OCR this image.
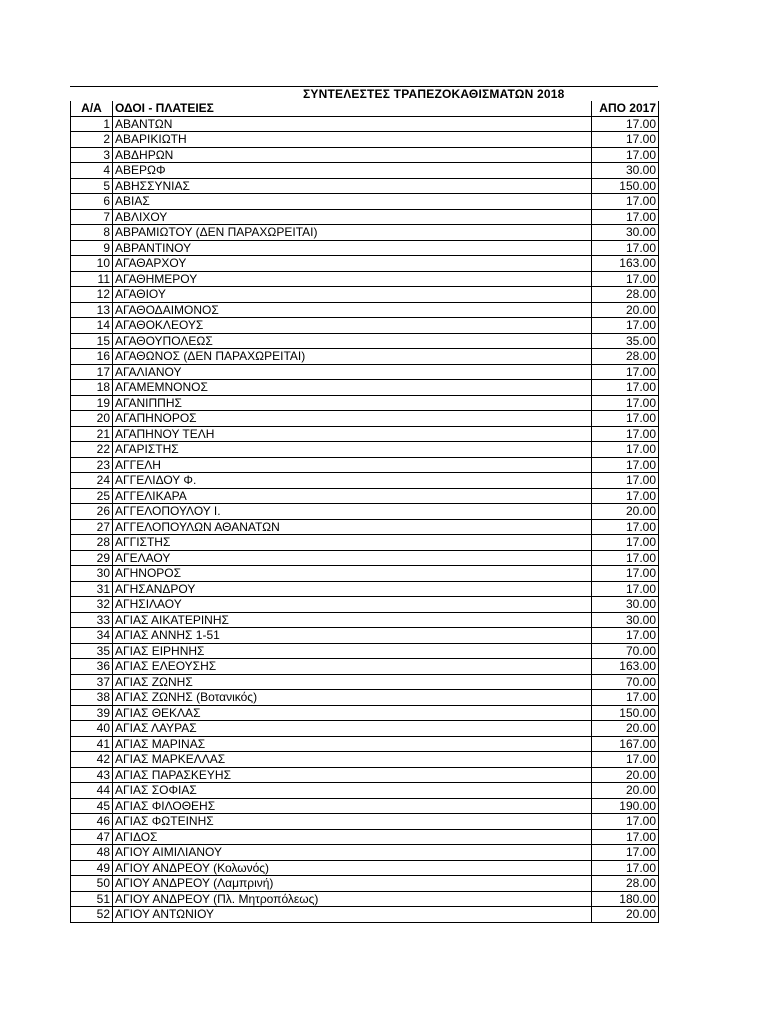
ΣΥΝΤΕΛΕΣΤΕΣ ΤΡΑΠΕΖΟΚΑΘΙΣΜΑΤΩΝ 2018
Α/Α	ΟΔΟΙ - ΠΛΑΤΕΙΕΣ	ΑΠΟ 2017
1	ΑΒΑΝΤΩΝ	17.00
2	ΑΒΑΡΙΚΙΩΤΗ	17.00
3	ΑΒΔΗΡΩΝ	17.00
4	ΑΒΕΡΩΦ	30.00
5	ΑΒΗΣΣΥΝΙΑΣ	150.00
6	ΑΒΙΑΣ	17.00
7	ΑΒΛΙΧΟΥ	17.00
8	ΑΒΡΑΜΙΩΤΟΥ (ΔΕΝ ΠΑΡΑΧΩΡΕΙΤΑΙ)	30.00
9	ΑΒΡΑΝΤΙΝΟΥ	17.00
10	ΑΓΑΘΑΡΧΟΥ	163.00
11	ΑΓΑΘΗΜΕΡΟΥ	17.00
12	ΑΓΑΘΙΟΥ	28.00
13	ΑΓΑΘΟΔΑΙΜΟΝΟΣ	20.00
14	ΑΓΑΘΟΚΛΕΟΥΣ	17.00
15	ΑΓΑΘΟΥΠΟΛΕΩΣ	35.00
16	ΑΓΑΘΩΝΟΣ (ΔΕΝ ΠΑΡΑΧΩΡΕΙΤΑΙ)	28.00
17	ΑΓΑΛΙΑΝΟΥ	17.00
18	ΑΓΑΜΕΜΝΟΝΟΣ	17.00
19	ΑΓΑΝΙΠΠΗΣ	17.00
20	ΑΓΑΠΗΝΟΡΟΣ	17.00
21	ΑΓΑΠΗΝΟΥ ΤΕΛΗ	17.00
22	ΑΓΑΡΙΣΤΗΣ	17.00
23	ΑΓΓΕΛΗ	17.00
24	ΑΓΓΕΛΙΔΟΥ Φ.	17.00
25	ΑΓΓΕΛΙΚΑΡΑ	17.00
26	ΑΓΓΕΛΟΠΟΥΛΟΥ Ι.	20.00
27	ΑΓΓΕΛΟΠΟΥΛΩΝ ΑΘΑΝΑΤΩΝ	17.00
28	ΑΓΓΙΣΤΗΣ	17.00
29	ΑΓΕΛΑΟΥ	17.00
30	ΑΓΗΝΟΡΟΣ	17.00
31	ΑΓΗΣΑΝΔΡΟΥ	17.00
32	ΑΓΗΣΙΛΑΟΥ	30.00
33	ΑΓΙΑΣ ΑΙΚΑΤΕΡΙΝΗΣ	30.00
34	ΑΓΙΑΣ ΑΝΝΗΣ 1-51	17.00
35	ΑΓΙΑΣ ΕΙΡΗΝΗΣ	70.00
36	ΑΓΙΑΣ ΕΛΕΟΥΣΗΣ	163.00
37	ΑΓΙΑΣ ΖΩΝΗΣ	70.00
38	ΑΓΙΑΣ ΖΩΝΗΣ (Βοτανικός)	17.00
39	ΑΓΙΑΣ ΘΕΚΛΑΣ	150.00
40	ΑΓΙΑΣ ΛΑΥΡΑΣ	20.00
41	ΑΓΙΑΣ ΜΑΡΙΝΑΣ	167.00
42	ΑΓΙΑΣ ΜΑΡΚΕΛΛΑΣ	17.00
43	ΑΓΙΑΣ ΠΑΡΑΣΚΕΥΗΣ	20.00
44	ΑΓΙΑΣ ΣΟΦΙΑΣ	20.00
45	ΑΓΙΑΣ ΦΙΛΟΘΕΗΣ	190.00
46	ΑΓΙΑΣ ΦΩΤΕΙΝΗΣ	17.00
47	ΑΓΙΔΟΣ	17.00
48	ΑΓΙΟΥ ΑΙΜΙΛΙΑΝΟΥ	17.00
49	ΑΓΙΟΥ ΑΝΔΡΕΟΥ (Κολωνός)	17.00
50	ΑΓΙΟΥ ΑΝΔΡΕΟΥ (Λαμπρινή)	28.00
51	ΑΓΙΟΥ ΑΝΔΡΕΟΥ (Πλ. Μητροπόλεως)	180.00
52	ΑΓΙΟΥ ΑΝΤΩΝΙΟΥ	20.00
